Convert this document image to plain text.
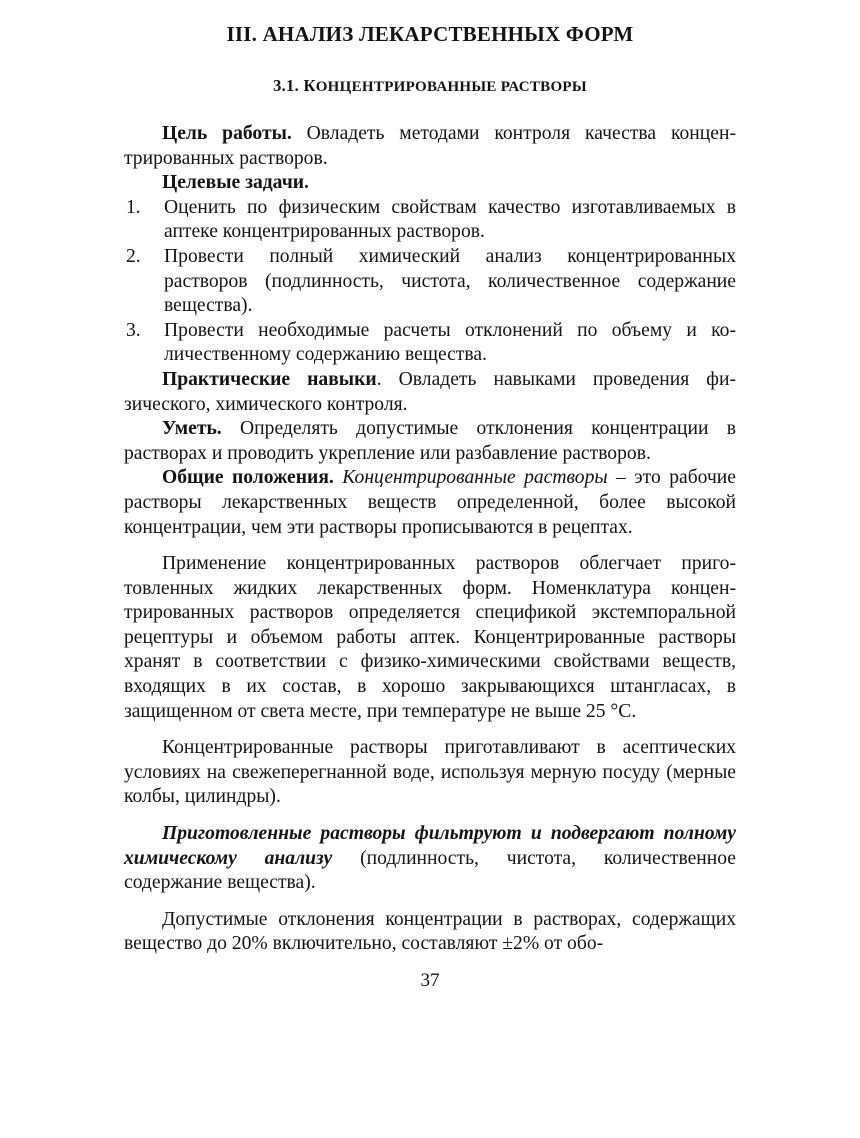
III. АНАЛИЗ ЛЕКАРСТВЕННЫХ ФОРМ
3.1. КОНЦЕНТРИРОВАННЫЕ РАСТВОРЫ

Цель работы. Овладеть методами контроля качества концентрированных растворов.

Целевые задачи.

1. Оценить по физическим свойствам качество изготавливаемых в аптеке концентрированных растворов.
2. Провести полный химический анализ концентрированных растворов (подлинность, чистота, количественное содержание вещества).
3. Провести необходимые расчеты отклонений по объему и количественному содержанию вещества.

Практические навыки. Овладеть навыками проведения физического, химического контроля.

Уметь. Определять допустимые отклонения концентрации в растворах и проводить укрепление или разбавление растворов.

Общие положения. Концентрированные растворы – это рабочие растворы лекарственных веществ определенной, более высокой концентрации, чем эти растворы прописываются в рецептах.

Применение концентрированных растворов облегчает приготовленных жидких лекарственных форм. Номенклатура концентрированных растворов определяется спецификой экстемпоральной рецептуры и объемом работы аптек. Концентрированные растворы хранят в соответствии с физико-химическими свойствами веществ, входящих в их состав, в хорошо закрывающихся штангласах, в защищенном от света месте, при температуре не выше 25 °С.

Концентрированные растворы приготавливают в асептических условиях на свежеперегнанной воде, используя мерную посуду (мерные колбы, цилиндры).

Приготовленные растворы фильтруют и подвергают полному химическому анализу (подлинность, чистота, количественное содержание вещества).

Допустимые отклонения концентрации в растворах, содержащих вещество до 20% включительно, составляют ±2% от обо-

37
